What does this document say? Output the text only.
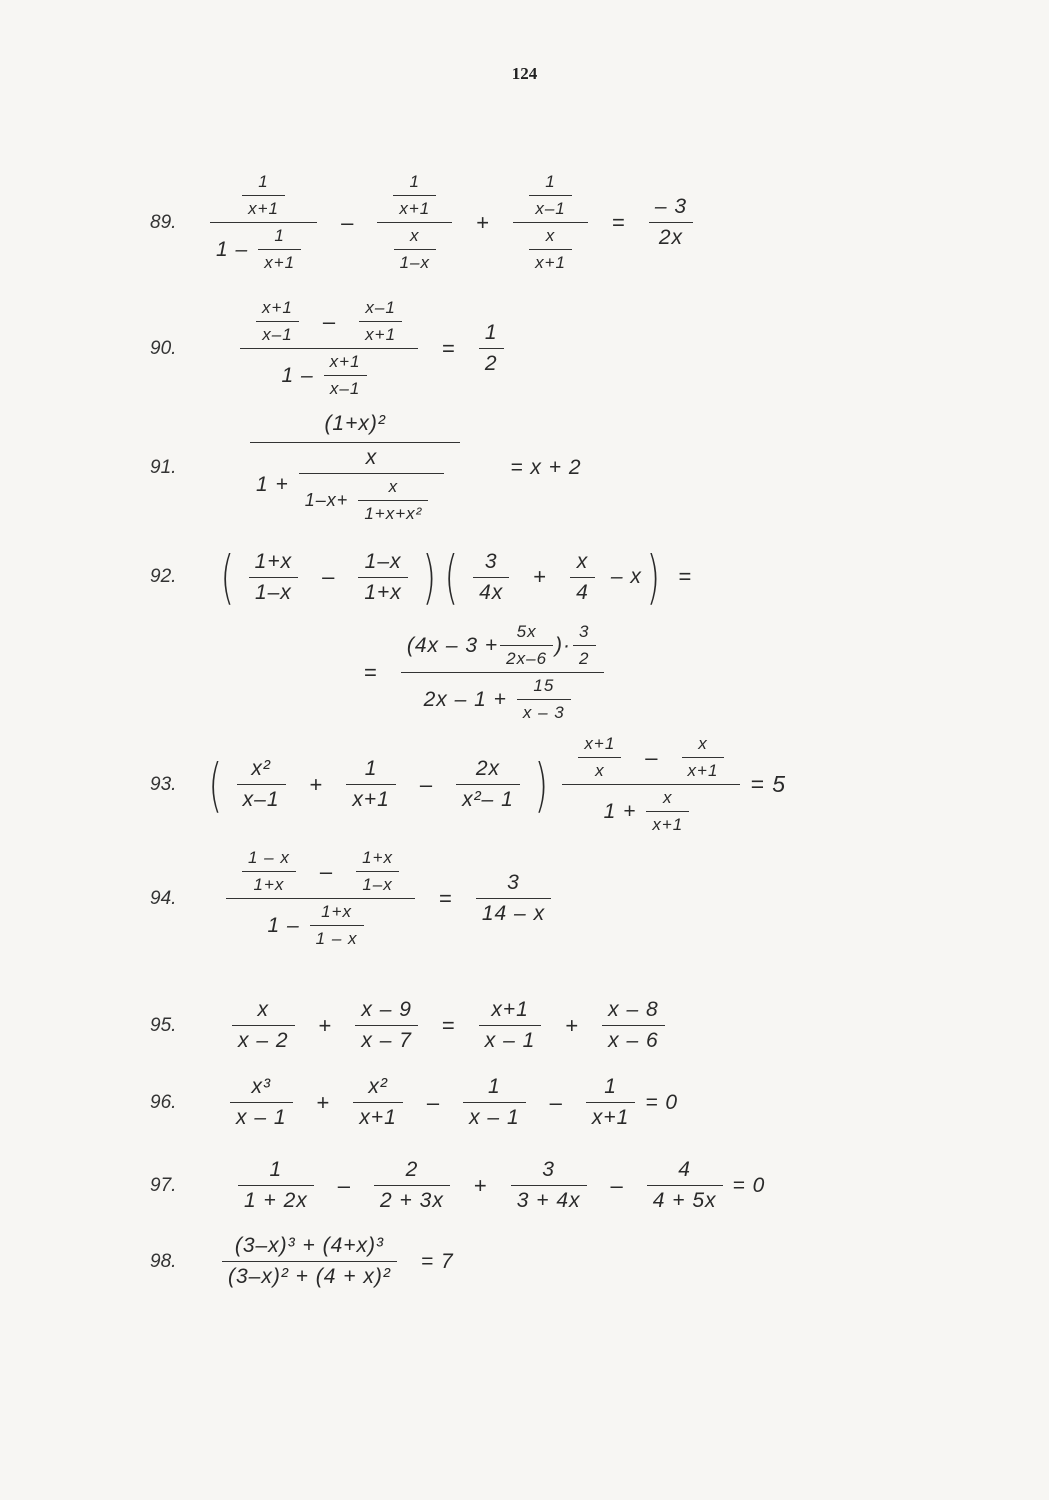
124
89.	$\frac{\frac{1}{x+1}}{1 - \frac{1}{x+1}} - \frac{\frac{1}{x+1}}{\frac{x}{1-x}} + \frac{\frac{1}{x-1}}{\frac{x}{x+1}} = \frac{- 3}{2x}$
90.	$\frac{\frac{x+1}{x-1} - \frac{x-1}{x+1}}{1 - \frac{x+1}{x-1}} = \frac{1}{2}$
91.	$\frac{\text{(1+x)²}}{1 + \frac{x}{1-x+ \frac{x}{\text{1+x+x²}}}} = x + 2$
92. ( $\frac{1+x}{1-x} - \frac{1-x}{1+x}$ ) ( $\frac{3}{4x} + \frac{x}{4} - x$ ) =
= $\frac{(4x - 3 + \frac{5x}{2x-6} )\cdot \frac{3}{2}}{2x - 1 + \frac{15}{x - 3}}$
93. ( $\frac{\text{x²}}{x-1} + \frac{1}{x+1} - \frac{2x}{\text{x²– 1}}$ ) $\frac{\frac{x+1}{x} - \frac{x}{x+1}}{1 + \frac{x}{x+1}} = 5$
94.	$\frac{\frac{1 - x}{1+x} - \frac{1+x}{1-x}}{1 - \frac{1+x}{1 - x}} = \frac{3}{14 - x}$
95.	$\frac{x}{x - 2} + \frac{x - 9}{x - 7} = \frac{x+1}{x - 1} + \frac{x - 8}{x - 6}$
96.	$\frac{\text{x³}}{x - 1} + \frac{\text{x²}}{x+1} - \frac{1}{x - 1} - \frac{1}{x+1} = 0$
97.	$\frac{1}{1 + 2x} - \frac{2}{2 + 3x} + \frac{3}{3 + 4x} - \frac{4}{4 + 5x} = 0$
98.	$\frac{\text{(3–x)³ + (4+x)³}}{\text{(3–x)² + (4 + x)²}} = 7$
